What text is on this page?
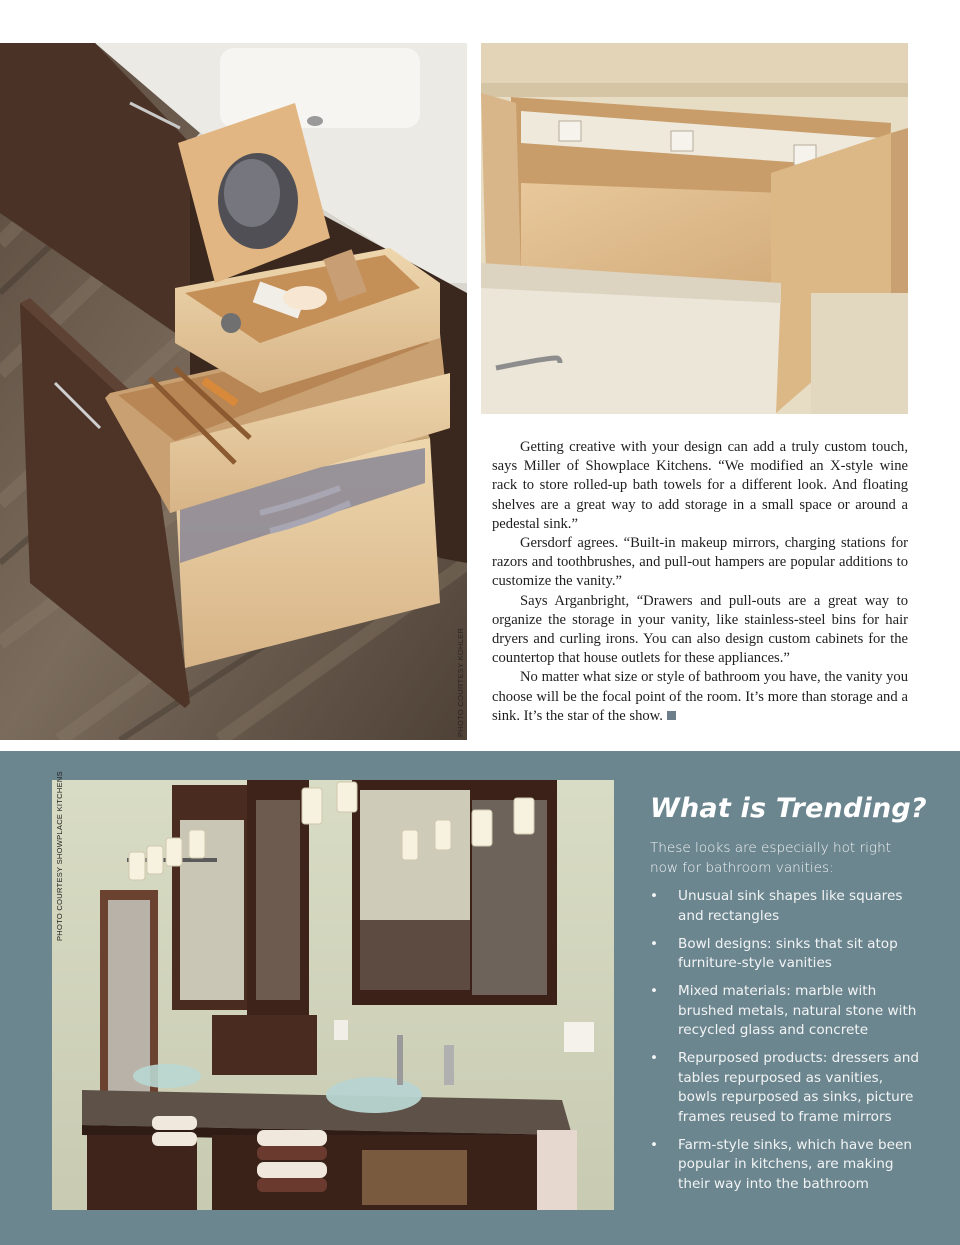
PHOTO COURTESY KOHLER

Getting creative with your design can add a truly custom touch, says Miller of Showplace Kitchens. “We modified an X-style wine rack to store rolled-up bath towels for a different look. And floating shelves are a great way to add storage in a small space or around a pedestal sink.”

Gersdorf agrees. “Built-in makeup mirrors, charging stations for razors and toothbrushes, and pull-out hampers are popular additions to customize the vanity.”

Says Arganbright, “Drawers and pull-outs are a great way to organize the storage in your vanity, like stainless-steel bins for hair dryers and curling irons. You can also design custom cabinets for the countertop that house outlets for these appliances.”

No matter what size or style of bathroom you have, the vanity you choose will be the focal point of the room. It’s more than storage and a sink. It’s the star of the show.

PHOTO COURTESY SHOWPLACE KITCHENS	What is Trending?

These looks are especially hot right now for bathroom vanities:

• Unusual sink shapes like squares and rectangles
• Bowl designs: sinks that sit atop furniture-style vanities
• Mixed materials: marble with brushed metals, natural stone with recycled glass and concrete
• Repurposed products: dressers and tables repurposed as vanities, bowls repurposed as sinks, picture frames reused to frame mirrors
• Farm-style sinks, which have been popular in kitchens, are making their way into the bathroom
